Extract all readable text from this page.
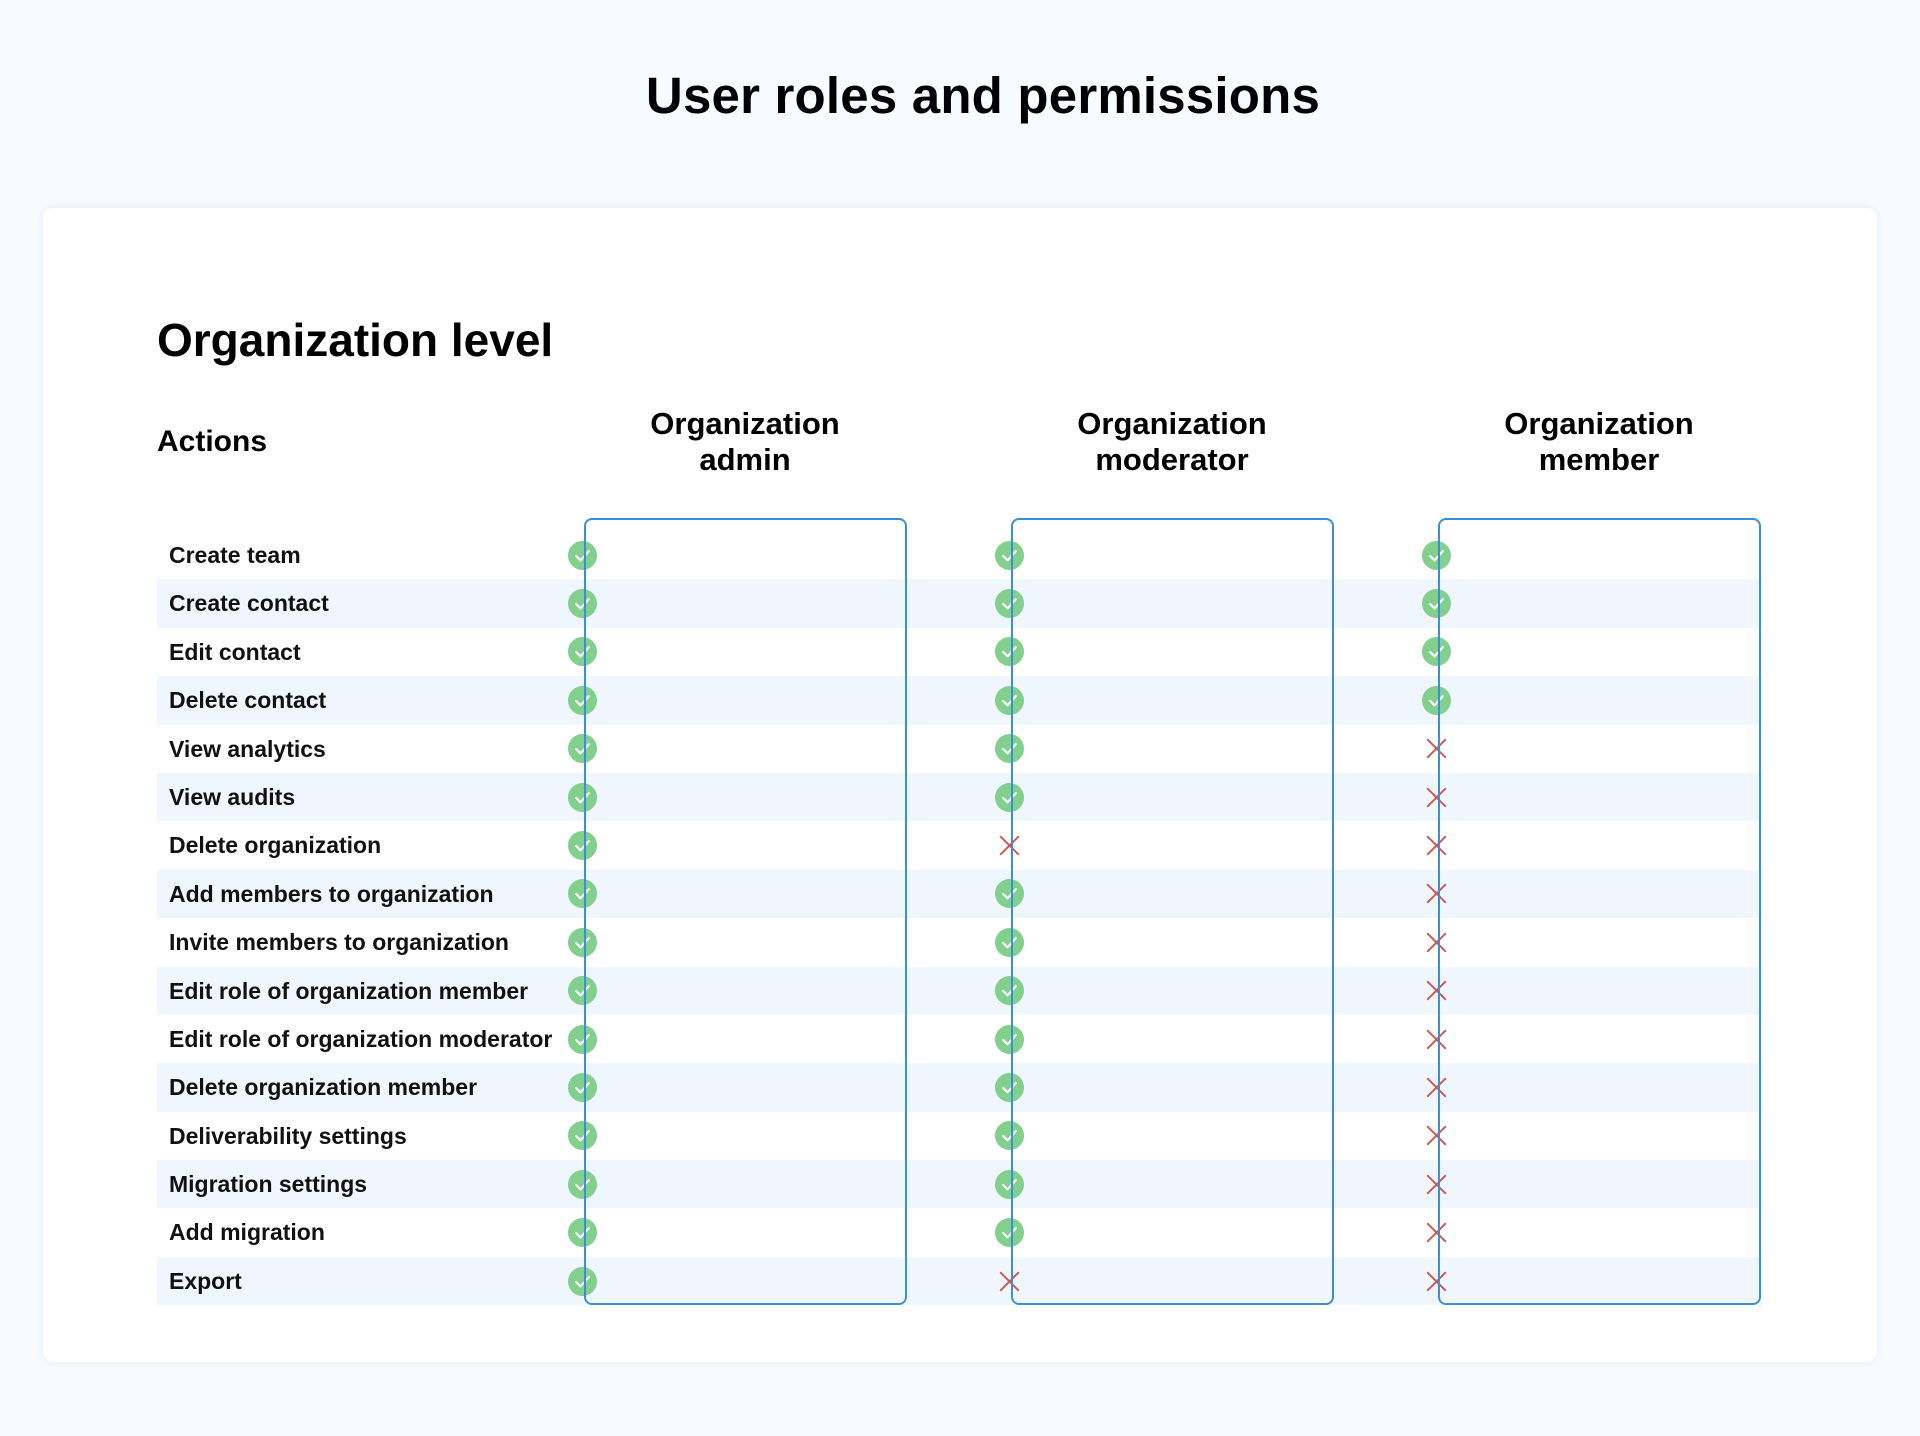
User roles and permissions
Organization level
Actions
Organization
admin
Organization
moderator
Organization
member
Create team
Create contact
Edit contact
Delete contact
View analytics
View audits
Delete organization
Add members to organization
Invite members to organization
Edit role of organization member
Edit role of organization moderator
Delete organization member
Deliverability settings
Migration settings
Add migration
Export
